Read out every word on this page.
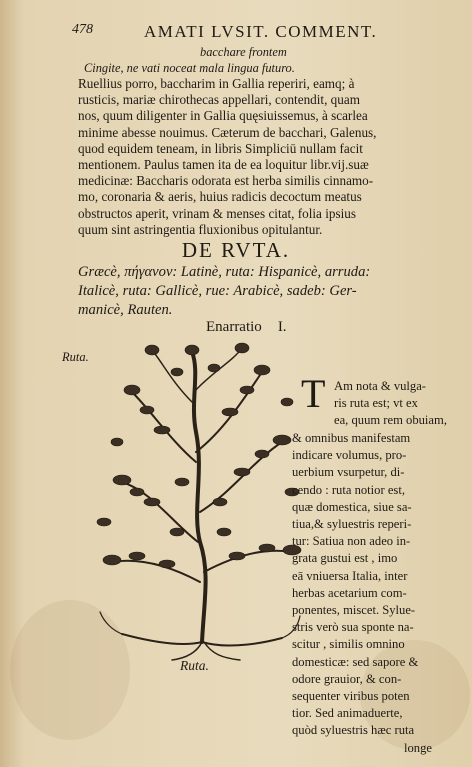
478	AMATI LVSIT. COMMENT.
bacchare frontem
Cingite, ne vati noceat mala lingua futuro.
Ruellius porro, baccharim in Gallia reperiri, eamq; à
rusticis, mariæ chirothecas appellari, contendit, quam
nos, quum diligenter in Gallia quęsiuissemus, à scarlea
minime abesse nouimus. Cæterum de bacchari, Galenus,
quod equidem teneam, in libris Simpliciū nullam facit
mentionem. Paulus tamen ita de ea loquitur libr.vij.suæ
medicinæ: Baccharis odorata est herba similis cinnamo-
mo, coronaria & aeris, huius radicis decoctum meatus
obstructos aperit, vrinam & menses citat, folia ipsius
quum sint astringentia fluxionibus opitulantur.
DE RVTA.
Græcè, πήγανον: Latinè, ruta: Hispanicè, arruda:
Italicè, ruta: Gallicè, rue: Arabicè, sadeb: Ger-
manicè, Rauten.
Enarratio I.
Ruta.
Ruta.
T Am nota & vulga-
ris ruta est; vt ex
ea, quum rem obuiam,
& omnibus manifestam
indicare volumus, pro-
uerbium vsurpetur, di-
cendo : ruta notior est,
quæ domestica, siue sa-
tiua,& syluestris reperi-
tur: Satiua non adeo in-
grata gustui est , imo
eā vniuersa Italia, inter
herbas acetarium com-
ponentes, miscet. Sylue-
stris verò sua sponte na-
scitur , similis omnino
domesticæ: sed sapore &
odore grauior, & con-
sequenter viribus poten
tior. Sed animaduerte,
quòd syluestris hæc ruta
longe
